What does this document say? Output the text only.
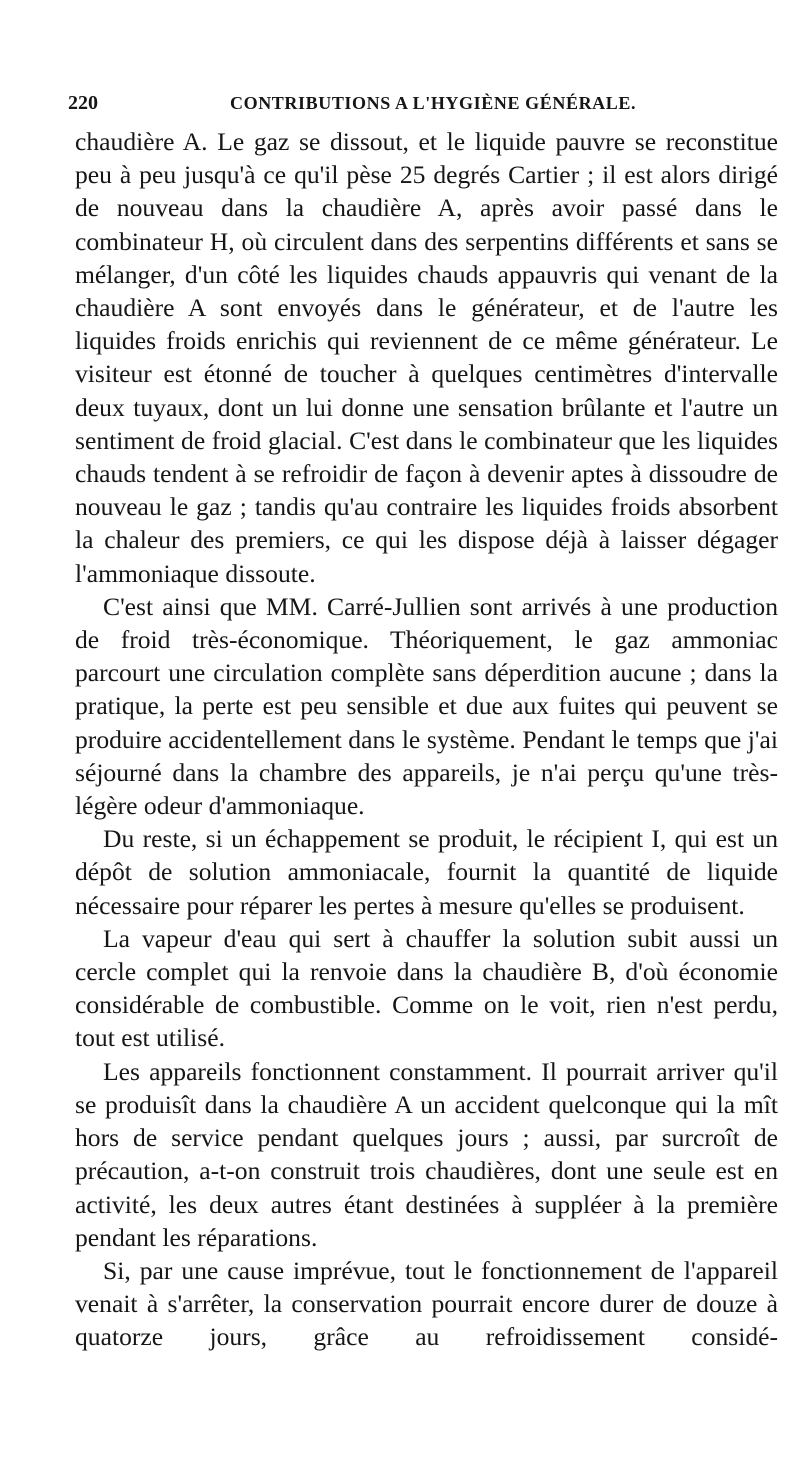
220	CONTRIBUTIONS A L'HYGIÈNE GÉNÉRALE.

chaudière A. Le gaz se dissout, et le liquide pauvre se reconstitue peu à peu jusqu'à ce qu'il pèse 25 degrés Cartier ; il est alors dirigé de nouveau dans la chaudière A, après avoir passé dans le combinateur H, où circulent dans des serpentins différents et sans se mélanger, d'un côté les liquides chauds appauvris qui venant de la chaudière A sont envoyés dans le générateur, et de l'autre les liquides froids enrichis qui reviennent de ce même générateur. Le visiteur est étonné de toucher à quelques centimètres d'intervalle deux tuyaux, dont un lui donne une sensation brûlante et l'autre un sentiment de froid glacial. C'est dans le combinateur que les liquides chauds tendent à se refroidir de façon à devenir aptes à dissoudre de nouveau le gaz ; tandis qu'au contraire les liquides froids absorbent la chaleur des premiers, ce qui les dispose déjà à laisser dégager l'ammoniaque dissoute.

C'est ainsi que MM. Carré-Jullien sont arrivés à une production de froid très-économique. Théoriquement, le gaz ammoniac parcourt une circulation complète sans déperdition aucune ; dans la pratique, la perte est peu sensible et due aux fuites qui peuvent se produire accidentellement dans le système. Pendant le temps que j'ai séjourné dans la chambre des appareils, je n'ai perçu qu'une très-légère odeur d'ammoniaque.

Du reste, si un échappement se produit, le récipient I, qui est un dépôt de solution ammoniacale, fournit la quantité de liquide nécessaire pour réparer les pertes à mesure qu'elles se produisent.

La vapeur d'eau qui sert à chauffer la solution subit aussi un cercle complet qui la renvoie dans la chaudière B, d'où économie considérable de combustible. Comme on le voit, rien n'est perdu, tout est utilisé.

Les appareils fonctionnent constamment. Il pourrait arriver qu'il se produisît dans la chaudière A un accident quelconque qui la mît hors de service pendant quelques jours ; aussi, par surcroît de précaution, a-t-on construit trois chaudières, dont une seule est en activité, les deux autres étant destinées à suppléer à la première pendant les réparations.

Si, par une cause imprévue, tout le fonctionnement de l'appareil venait à s'arrêter, la conservation pourrait encore durer de douze à quatorze jours, grâce au refroidissement considé-
